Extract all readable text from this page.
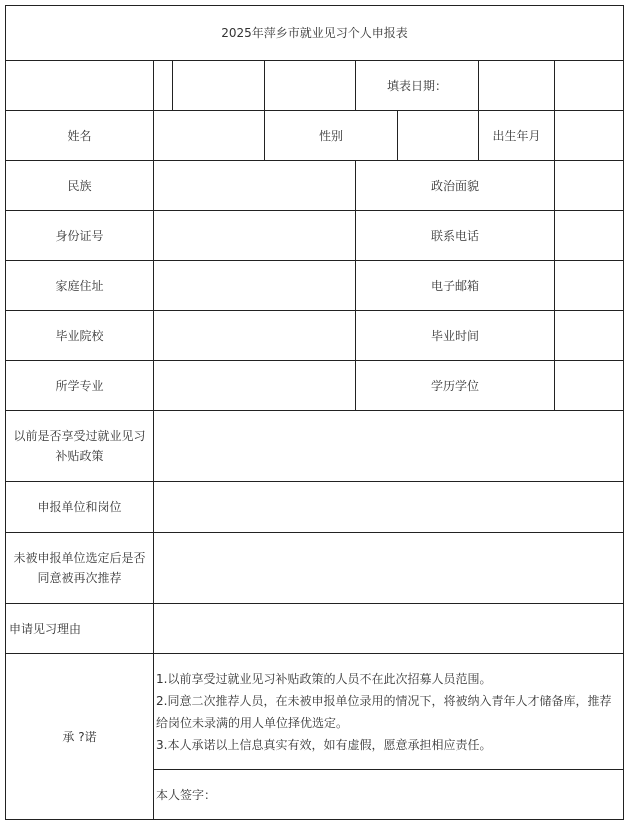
2025年萍乡市就业见习个人申报表							
				填表日期：			
姓名			性别			出生年月	
民族				政治面貌			
身份证号				联系电话			
家庭住址				电子邮箱			
毕业院校				毕业时间			
所学专业				学历学位			
以前是否享受过就业见习补贴政策							
申报单位和岗位							
未被申报单位选定后是否同意被再次推荐							
申请见习理由							
承 ?诺	1.以前享受过就业见习补贴政策的人员不在此次招募人员范围。
2.同意二次推荐人员，在未被申报单位录用的情况下，将被纳入青年人才储备库，推荐给岗位未录满的用人单位择优选定。
3.本人承诺以上信息真实有效，如有虚假，愿意承担相应责任。						

	本人签字：						
